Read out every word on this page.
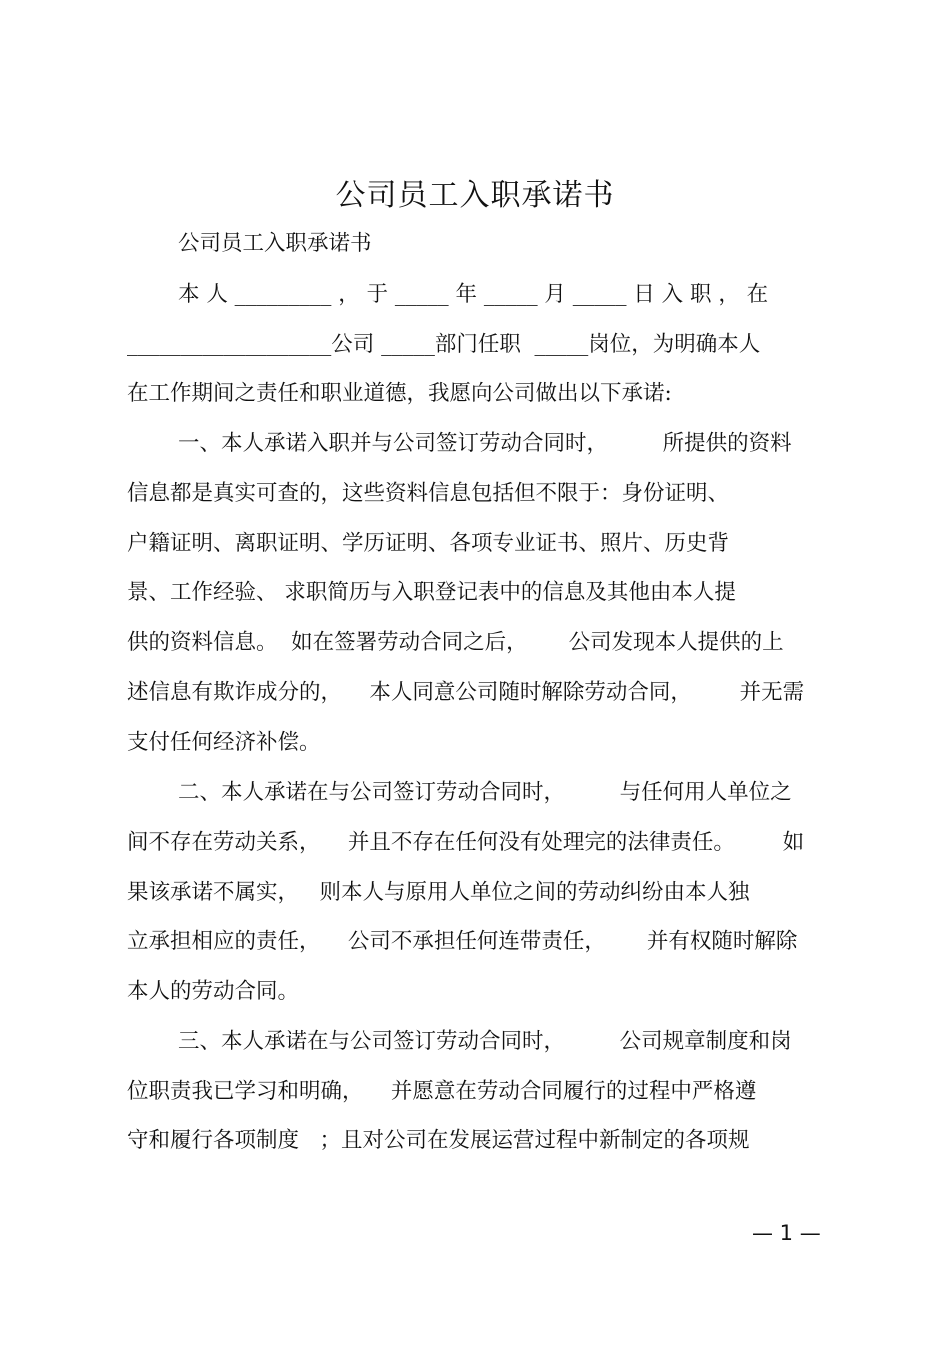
公司员工入职承诺书
公司员工入职承诺书
本 人 _________ ， 于 _____ 年 _____ 月 _____ 日 入 职 ， 在
___________________公司 _____部门任职  _____岗位，为明确本人
在工作期间之责任和职业道德，我愿向公司做出以下承诺:
一、本人承诺入职并与公司签订劳动合同时，        所提供的资料
信息都是真实可查的，这些资料信息包括但不限于：身份证明、
户籍证明、离职证明、学历证明、各项专业证书、照片、历史背
景、工作经验、 求职简历与入职登记表中的信息及其他由本人提
供的资料信息。  如在签署劳动合同之后，      公司发现本人提供的上
述信息有欺诈成分的，    本人同意公司随时解除劳动合同，       并无需
支付任何经济补偿。
二、本人承诺在与公司签订劳动合同时，        与任何用人单位之
间不存在劳动关系，    并且不存在任何没有处理完的法律责任。       如
果该承诺不属实，   则本人与原用人单位之间的劳动纠纷由本人独
立承担相应的责任，    公司不承担任何连带责任，      并有权随时解除
本人的劳动合同。
三、本人承诺在与公司签订劳动合同时，        公司规章制度和岗
位职责我已学习和明确，    并愿意在劳动合同履行的过程中严格遵
守和履行各项制度   ；且对公司在发展运营过程中新制定的各项规
— 1 —
